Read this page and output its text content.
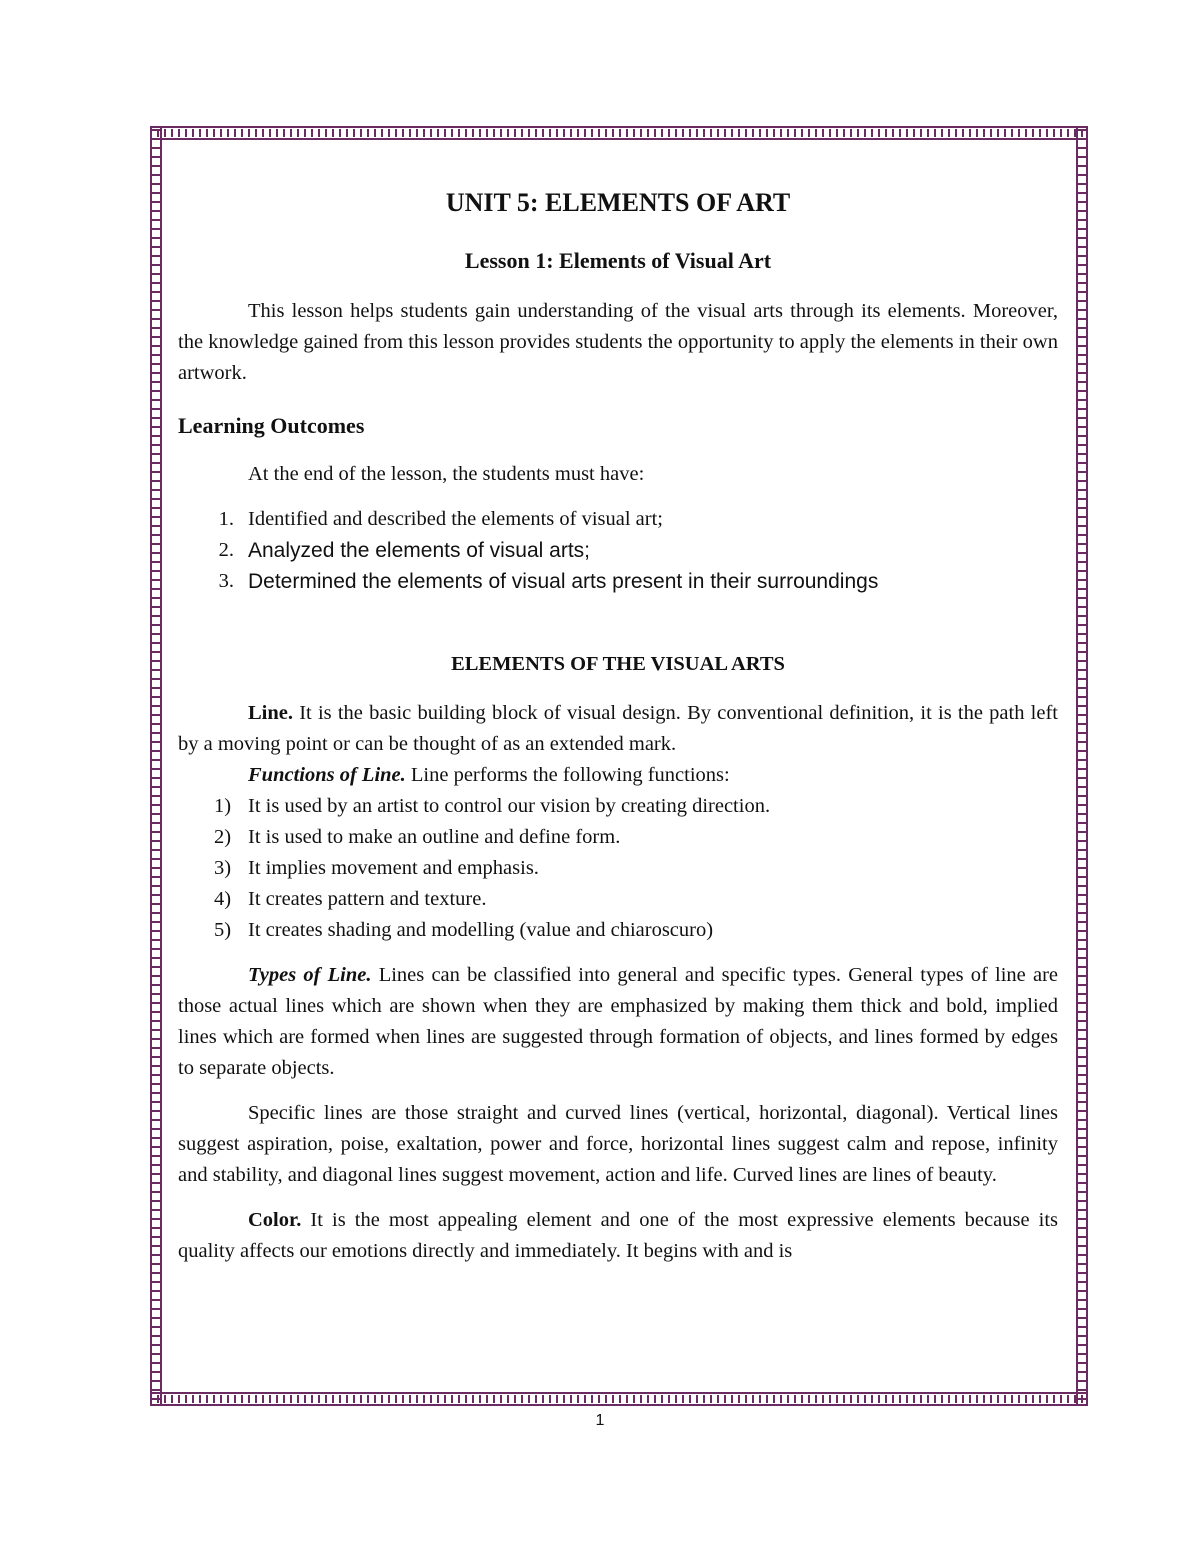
UNIT 5: ELEMENTS OF ART
Lesson 1: Elements of Visual Art

This lesson helps students gain understanding of the visual arts through its elements. Moreover, the knowledge gained from this lesson provides students the opportunity to apply the elements in their own artwork.

Learning Outcomes

At the end of the lesson, the students must have:

1. Identified and described the elements of visual art;
2. Analyzed the elements of visual arts;
3. Determined the elements of visual arts present in their surroundings
ELEMENTS OF THE VISUAL ARTS

Line. It is the basic building block of visual design. By conventional definition, it is the path left by a moving point or can be thought of as an extended mark.

Functions of Line. Line performs the following functions:

1) It is used by an artist to control our vision by creating direction.
2) It is used to make an outline and define form.
3) It implies movement and emphasis.
4) It creates pattern and texture.
5) It creates shading and modelling (value and chiaroscuro)

Types of Line. Lines can be classified into general and specific types. General types of line are those actual lines which are shown when they are emphasized by making them thick and bold, implied lines which are formed when lines are suggested through formation of objects, and lines formed by edges to separate objects.

Specific lines are those straight and curved lines (vertical, horizontal, diagonal). Vertical lines suggest aspiration, poise, exaltation, power and force, horizontal lines suggest calm and repose, infinity and stability, and diagonal lines suggest movement, action and life. Curved lines are lines of beauty.

Color. It is the most appealing element and one of the most expressive elements because its quality affects our emotions directly and immediately. It begins with and is

1
